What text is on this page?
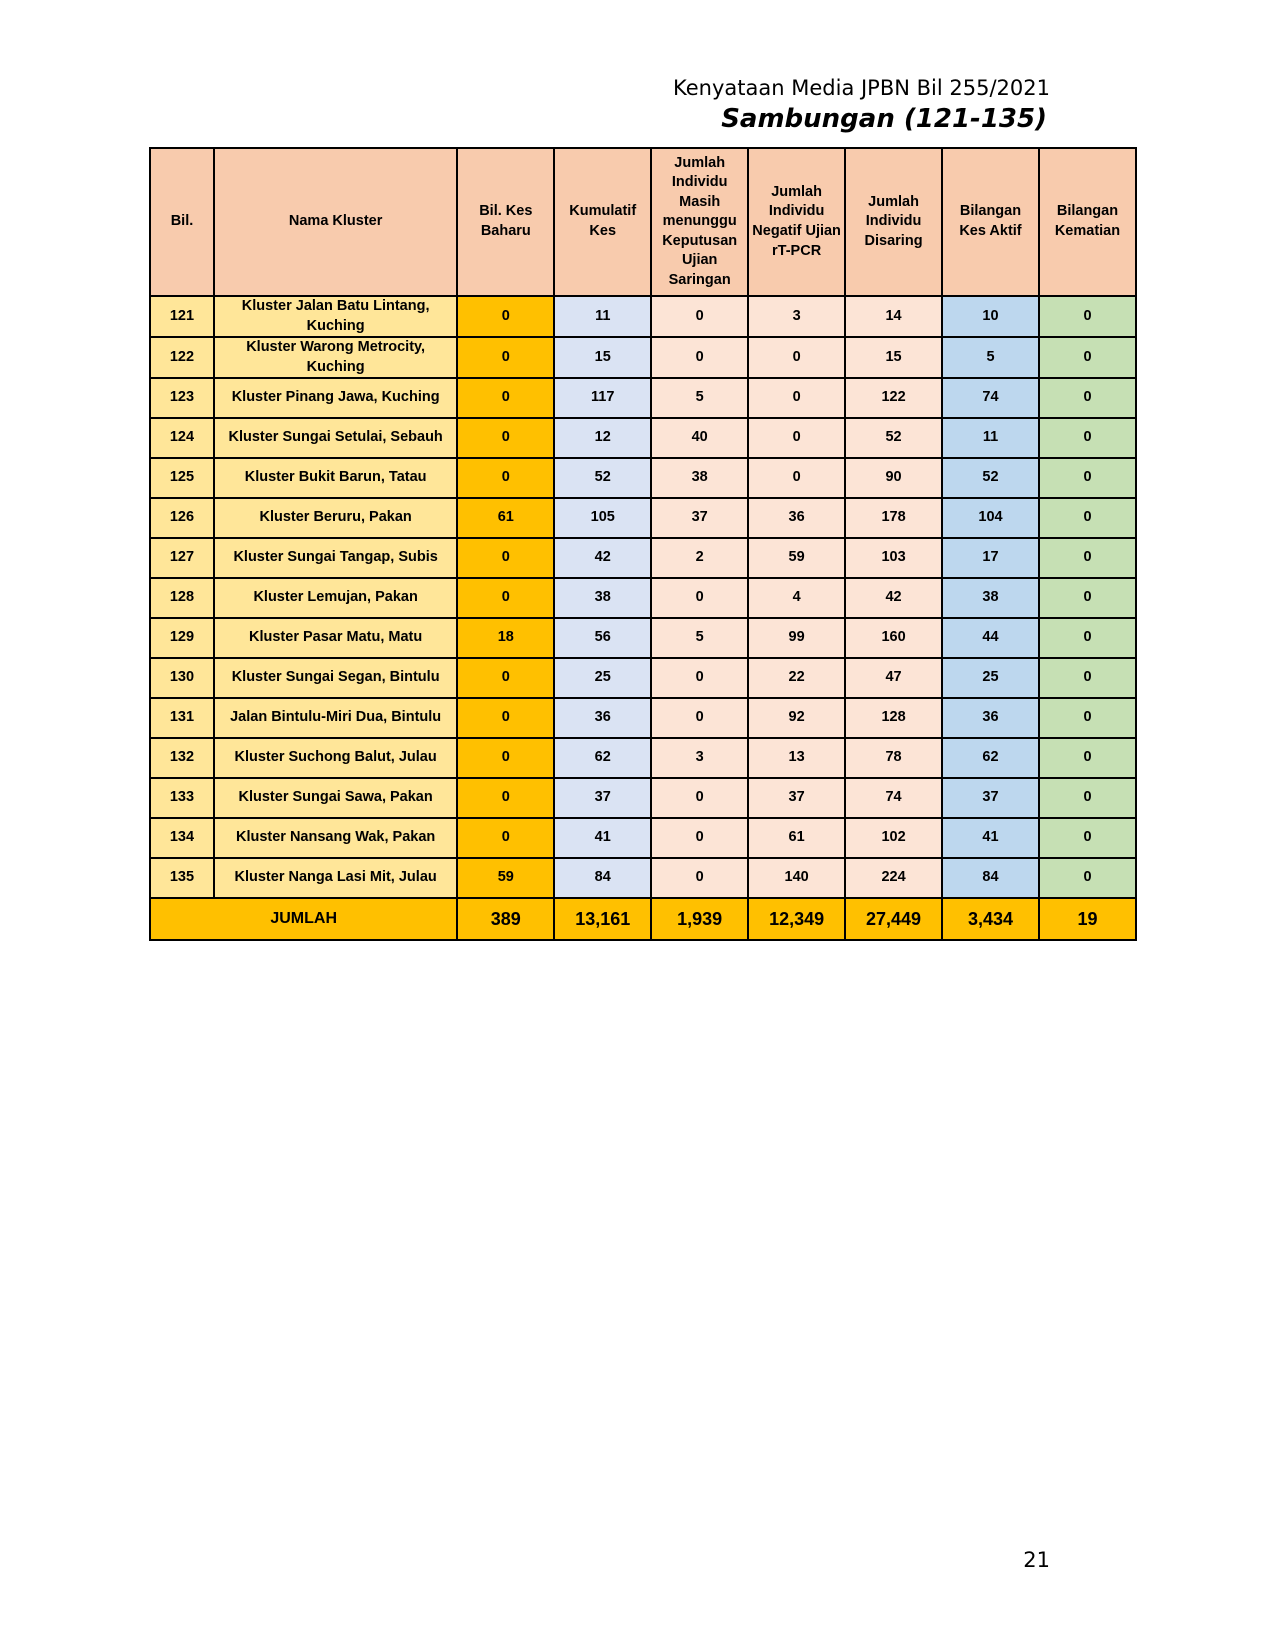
Kenyataan Media JPBN Bil 255/2021
Sambungan (121-135)
Bil.	Nama Kluster	Bil. Kes Baharu	Kumulatif Kes	Jumlah Individu Masih menunggu Keputusan Ujian Saringan	Jumlah Individu Negatif Ujian rT-PCR	Jumlah Individu Disaring	Bilangan Kes Aktif	Bilangan Kematian
121	Kluster Jalan Batu Lintang, Kuching	0	11	0	3	14	10	0
122	Kluster Warong Metrocity, Kuching	0	15	0	0	15	5	0
123	Kluster Pinang Jawa, Kuching	0	117	5	0	122	74	0
124	Kluster Sungai Setulai, Sebauh	0	12	40	0	52	11	0
125	Kluster Bukit Barun, Tatau	0	52	38	0	90	52	0
126	Kluster Beruru, Pakan	61	105	37	36	178	104	0
127	Kluster Sungai Tangap, Subis	0	42	2	59	103	17	0
128	Kluster Lemujan, Pakan	0	38	0	4	42	38	0
129	Kluster Pasar Matu, Matu	18	56	5	99	160	44	0
130	Kluster Sungai Segan, Bintulu	0	25	0	22	47	25	0
131	Jalan Bintulu-Miri Dua, Bintulu	0	36	0	92	128	36	0
132	Kluster Suchong Balut, Julau	0	62	3	13	78	62	0
133	Kluster Sungai Sawa, Pakan	0	37	0	37	74	37	0
134	Kluster Nansang Wak, Pakan	0	41	0	61	102	41	0
135	Kluster Nanga Lasi Mit, Julau	59	84	0	140	224	84	0
JUMLAH		389	13,161	1,939	12,349	27,449	3,434	19
21
